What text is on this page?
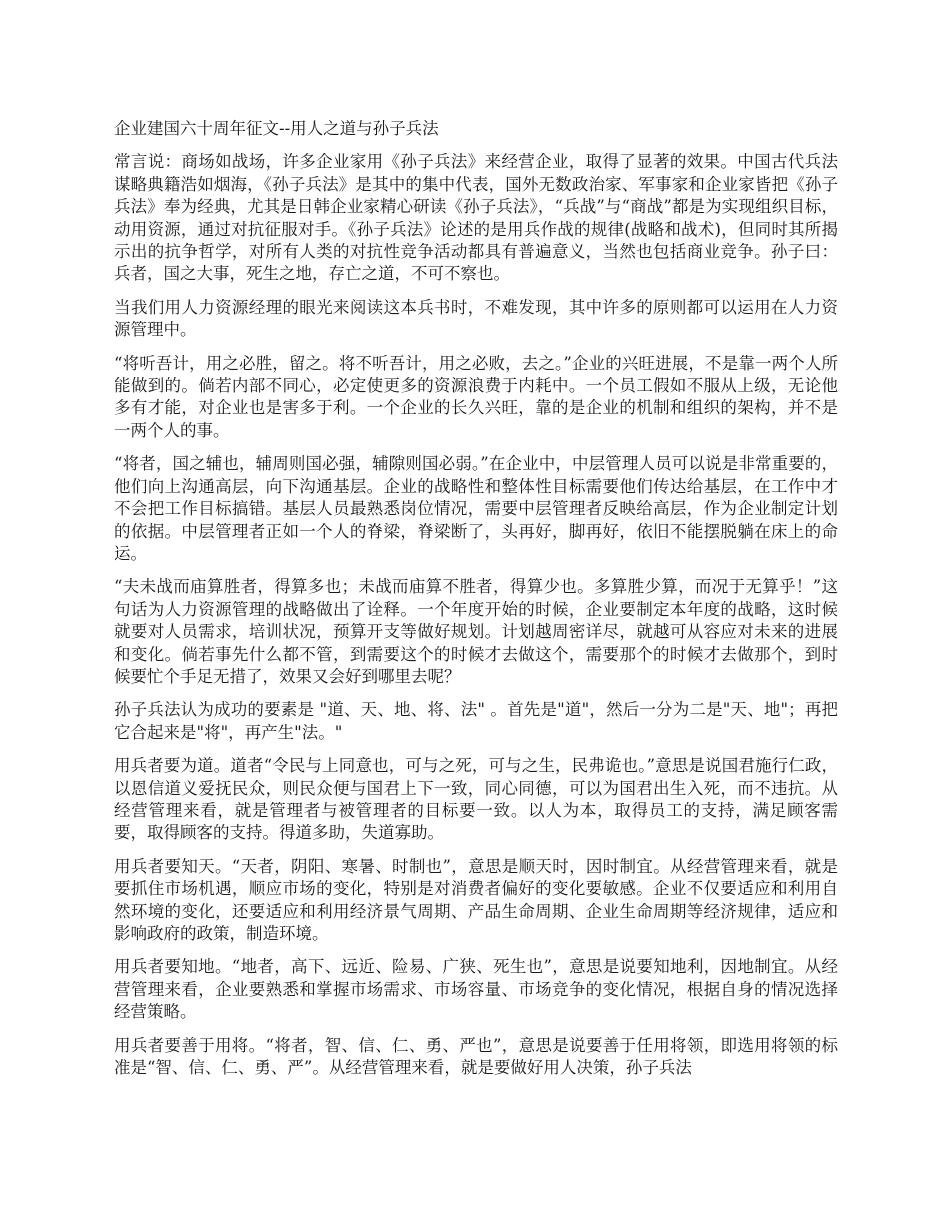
企业建国六十周年征文--用人之道与孙子兵法

常言说：商场如战场，许多企业家用《孙子兵法》来经营企业，取得了显著的效果。中国古代兵法谋略典籍浩如烟海，《孙子兵法》是其中的集中代表，国外无数政治家、军事家和企业家皆把《孙子兵法》奉为经典，尤其是日韩企业家精心研读《孙子兵法》，“兵战”与“商战”都是为实现组织目标，动用资源，通过对抗征服对手。《孙子兵法》论述的是用兵作战的规律(战略和战术)，但同时其所揭示出的抗争哲学，对所有人类的对抗性竞争活动都具有普遍意义，当然也包括商业竞争。孙子曰：兵者，国之大事，死生之地，存亡之道，不可不察也。

当我们用人力资源经理的眼光来阅读这本兵书时，不难发现，其中许多的原则都可以运用在人力资源管理中。

“将听吾计，用之必胜，留之。将不听吾计，用之必败，去之。”企业的兴旺进展，不是靠一两个人所能做到的。倘若内部不同心，必定使更多的资源浪费于内耗中。一个员工假如不服从上级，无论他多有才能，对企业也是害多于利。一个企业的长久兴旺，靠的是企业的机制和组织的架构，并不是一两个人的事。

“将者，国之辅也，辅周则国必强，辅隙则国必弱。”在企业中，中层管理人员可以说是非常重要的，他们向上沟通高层，向下沟通基层。企业的战略性和整体性目标需要他们传达给基层，在工作中才不会把工作目标搞错。基层人员最熟悉岗位情况，需要中层管理者反映给高层，作为企业制定计划的依据。中层管理者正如一个人的脊梁，脊梁断了，头再好，脚再好，依旧不能摆脱躺在床上的命运。

“夫未战而庙算胜者，得算多也；未战而庙算不胜者，得算少也。多算胜少算，而况于无算乎！”这句话为人力资源管理的战略做出了诠释。一个年度开始的时候，企业要制定本年度的战略，这时候就要对人员需求，培训状况，预算开支等做好规划。计划越周密详尽，就越可从容应对未来的进展和变化。倘若事先什么都不管，到需要这个的时候才去做这个，需要那个的时候才去做那个，到时候要忙个手足无措了，效果又会好到哪里去呢？

孙子兵法认为成功的要素是 "道、天、地、将、法" 。首先是"道"，然后一分为二是"天、地"；再把它合起来是"将"，再产生"法。"

用兵者要为道。道者“令民与上同意也，可与之死，可与之生，民弗诡也。”意思是说国君施行仁政，以恩信道义爱抚民众，则民众便与国君上下一致，同心同德，可以为国君出生入死，而不违抗。从经营管理来看，就是管理者与被管理者的目标要一致。以人为本，取得员工的支持，满足顾客需要，取得顾客的支持。得道多助，失道寡助。

用兵者要知天。“天者，阴阳、寒暑、时制也”，意思是顺天时，因时制宜。从经营管理来看，就是要抓住市场机遇，顺应市场的变化，特别是对消费者偏好的变化要敏感。企业不仅要适应和利用自然环境的变化，还要适应和利用经济景气周期、产品生命周期、企业生命周期等经济规律，适应和影响政府的政策，制造环境。

用兵者要知地。“地者，高下、远近、险易、广狭、死生也”，意思是说要知地利，因地制宜。从经营管理来看，企业要熟悉和掌握市场需求、市场容量、市场竞争的变化情况，根据自身的情况选择经营策略。

用兵者要善于用将。“将者，智、信、仁、勇、严也”，意思是说要善于任用将领，即选用将领的标准是“智、信、仁、勇、严”。从经营管理来看，就是要做好用人决策，孙子兵法
